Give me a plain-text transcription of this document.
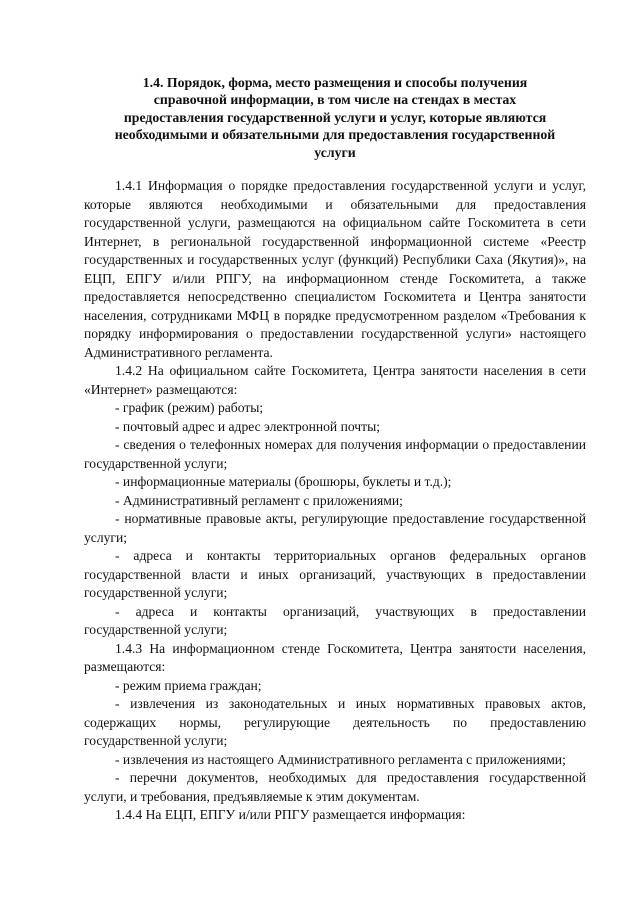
1.4. Порядок, форма, место размещения и способы получения справочной информации, в том числе на стендах в местах предоставления государственной услуги и услуг, которые являются необходимыми и обязательными для предоставления государственной услуги

1.4.1 Информация о порядке предоставления государственной услуги и услуг, которые являются необходимыми и обязательными для предоставления государственной услуги, размещаются на официальном сайте Госкомитета в сети Интернет, в региональной государственной информационной системе «Реестр государственных и государственных услуг (функций) Республики Саха (Якутия)», на ЕЦП, ЕПГУ и/или РПГУ, на информационном стенде Госкомитета, а также предоставляется непосредственно специалистом Госкомитета и Центра занятости населения, сотрудниками МФЦ в порядке предусмотренном разделом «Требования к порядку информирования о предоставлении государственной услуги» настоящего Административного регламента.

1.4.2 На официальном сайте Госкомитета, Центра занятости населения в сети «Интернет» размещаются:

- график (режим) работы;

- почтовый адрес и адрес электронной почты;

- сведения о телефонных номерах для получения информации о предоставлении государственной услуги;

- информационные материалы (брошюры, буклеты и т.д.);

- Административный регламент с приложениями;

- нормативные правовые акты, регулирующие предоставление государственной услуги;

- адреса и контакты территориальных органов федеральных органов государственной власти и иных организаций, участвующих в предоставлении государственной услуги;

- адреса и контакты организаций, участвующих в предоставлении государственной услуги;

1.4.3 На информационном стенде Госкомитета, Центра занятости населения, размещаются:

- режим приема граждан;

- извлечения из законодательных и иных нормативных правовых актов, содержащих нормы, регулирующие деятельность по предоставлению государственной услуги;

- извлечения из настоящего Административного регламента с приложениями;

- перечни документов, необходимых для предоставления государственной услуги, и требования, предъявляемые к этим документам.

1.4.4 На ЕЦП, ЕПГУ и/или РПГУ размещается информация:
